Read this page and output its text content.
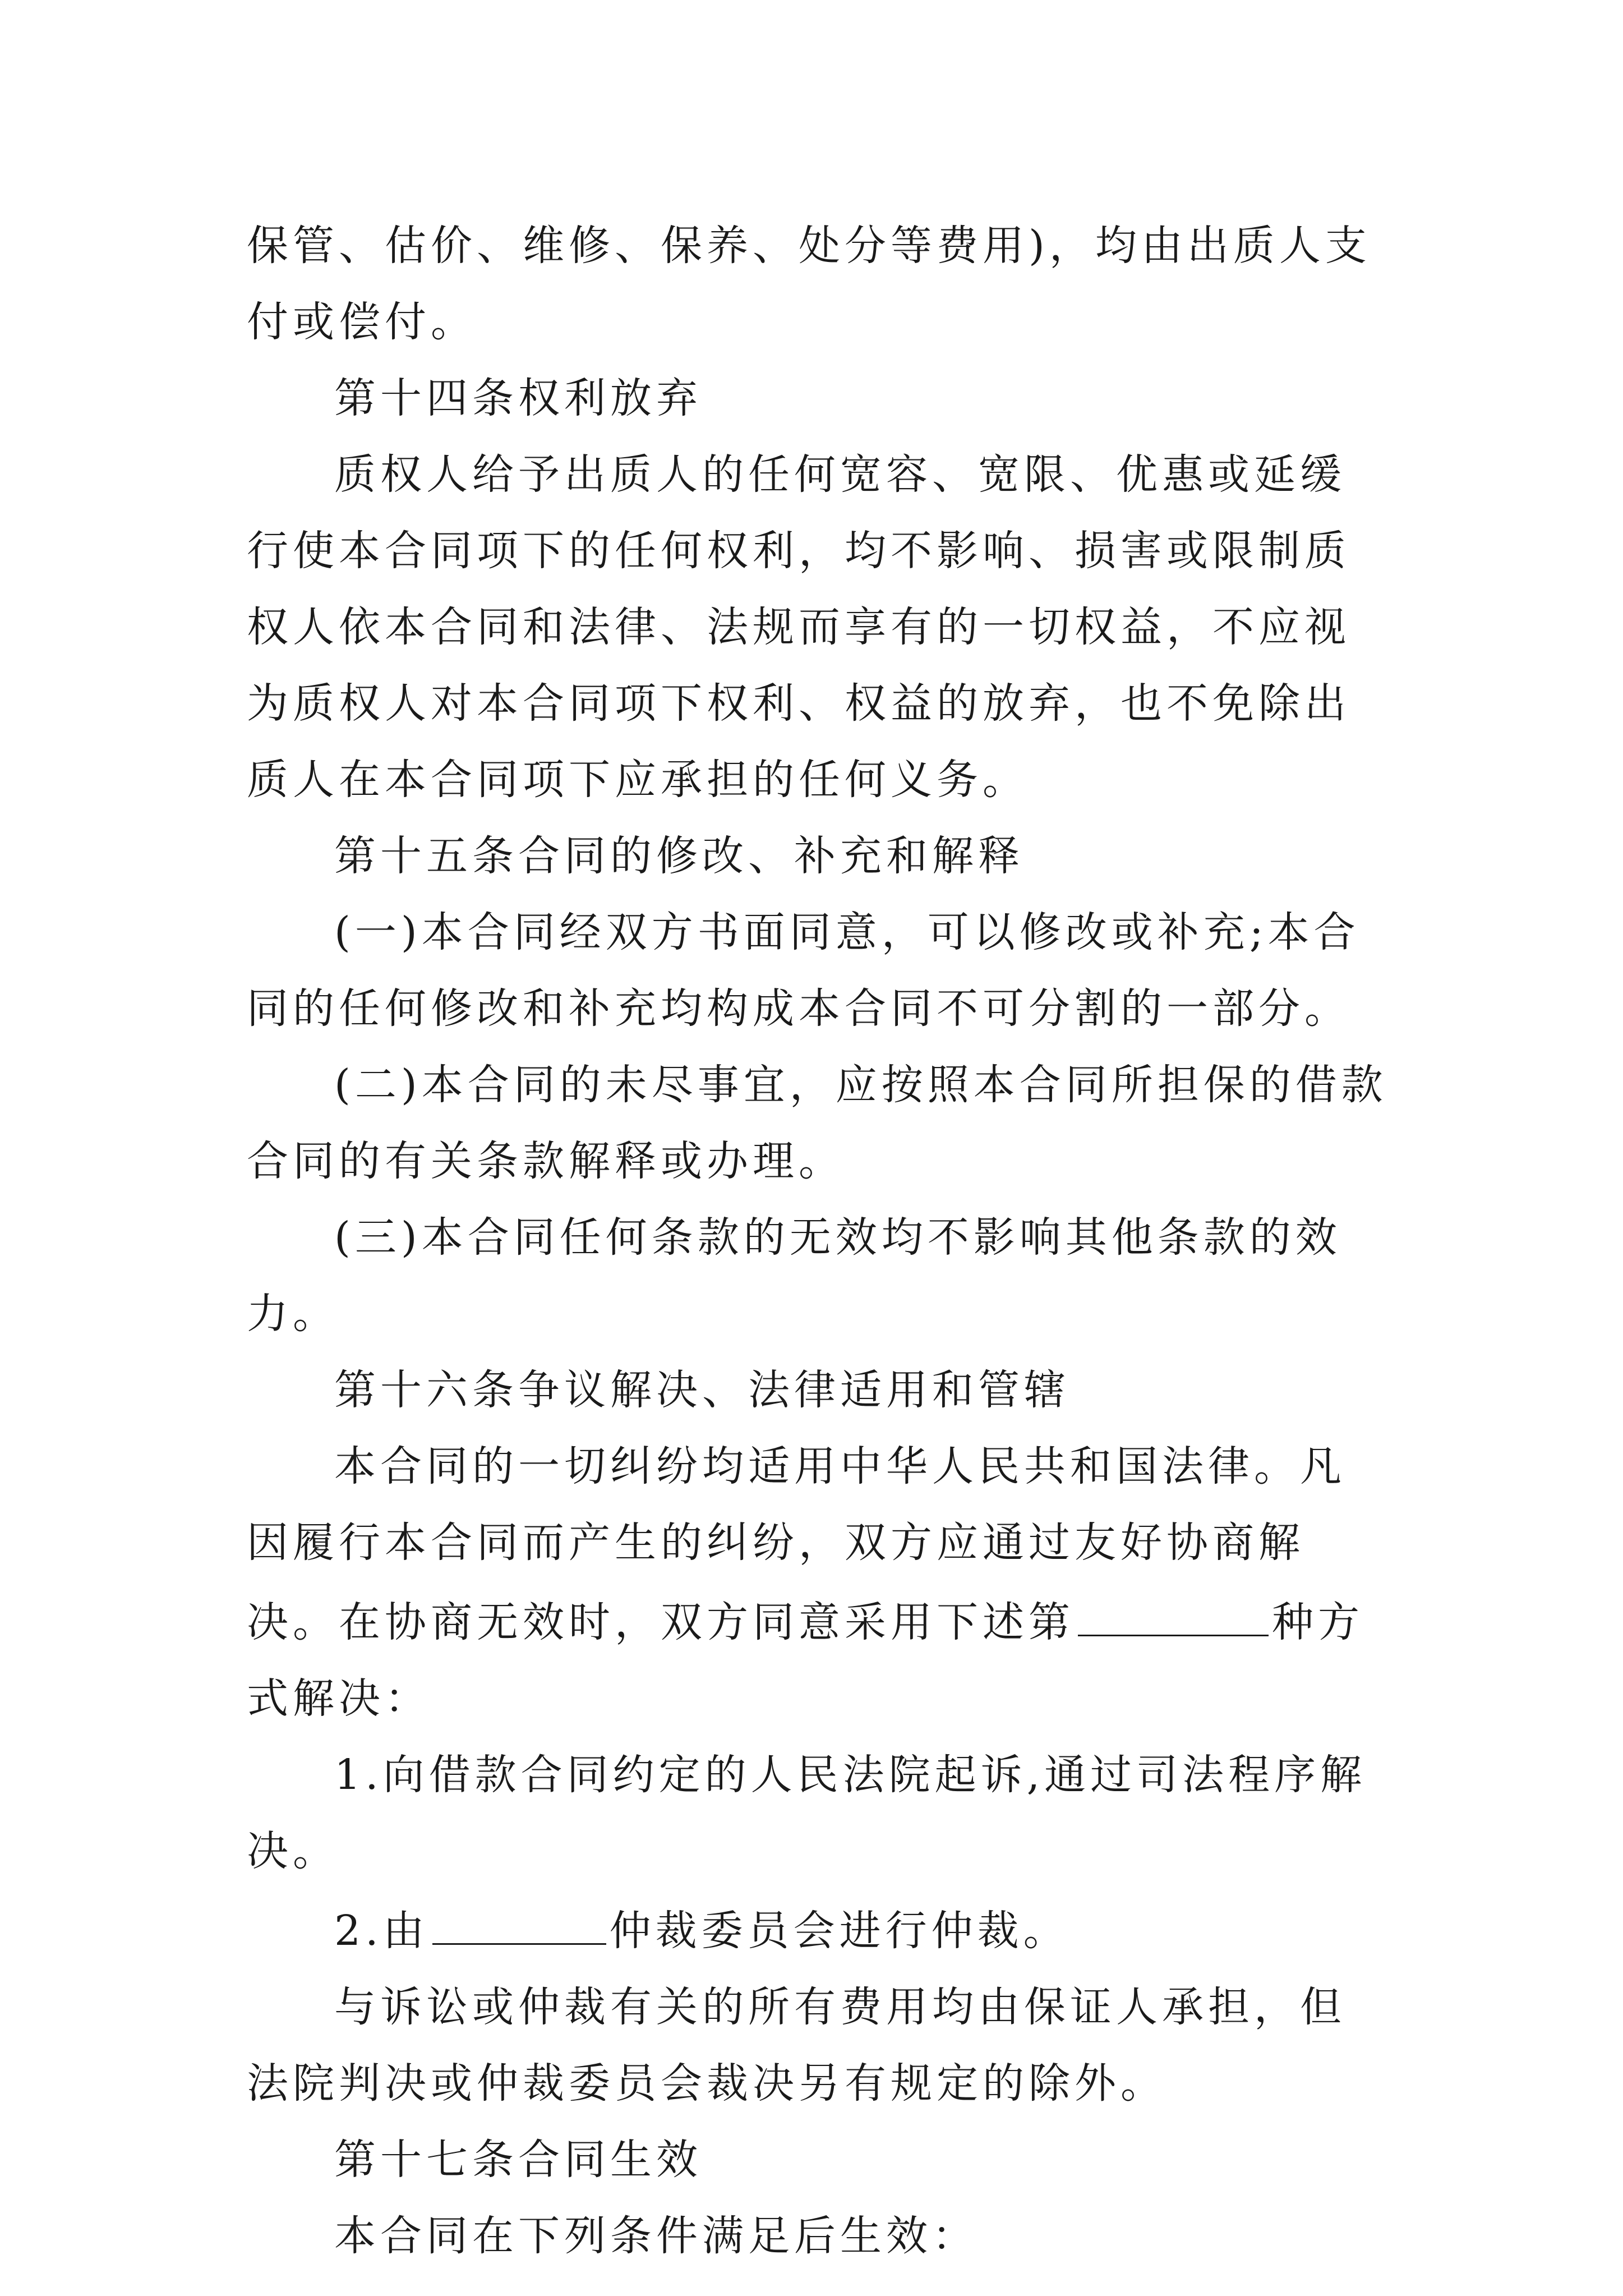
保管、估价、维修、保养、处分等费用)，均由出质人支付或偿付。

第十四条权利放弃

质权人给予出质人的任何宽容、宽限、优惠或延缓行使本合同项下的任何权利，均不影响、损害或限制质权人依本合同和法律、法规而享有的一切权益，不应视为质权人对本合同项下权利、权益的放弃，也不免除出质人在本合同项下应承担的任何义务。

第十五条合同的修改、补充和解释

(一)本合同经双方书面同意，可以修改或补充;本合同的任何修改和补充均构成本合同不可分割的一部分。

(二)本合同的未尽事宜，应按照本合同所担保的借款合同的有关条款解释或办理。

(三)本合同任何条款的无效均不影响其他条款的效力。

第十六条争议解决、法律适用和管辖

本合同的一切纠纷均适用中华人民共和国法律。凡因履行本合同而产生的纠纷，双方应通过友好协商解决。在协商无效时，双方同意采用下述第	种方式解决：

1.向借款合同约定的人民法院起诉,通过司法程序解决。

2.由	仲裁委员会进行仲裁。

与诉讼或仲裁有关的所有费用均由保证人承担，但法院判决或仲裁委员会裁决另有规定的除外。

第十七条合同生效

本合同在下列条件满足后生效：
